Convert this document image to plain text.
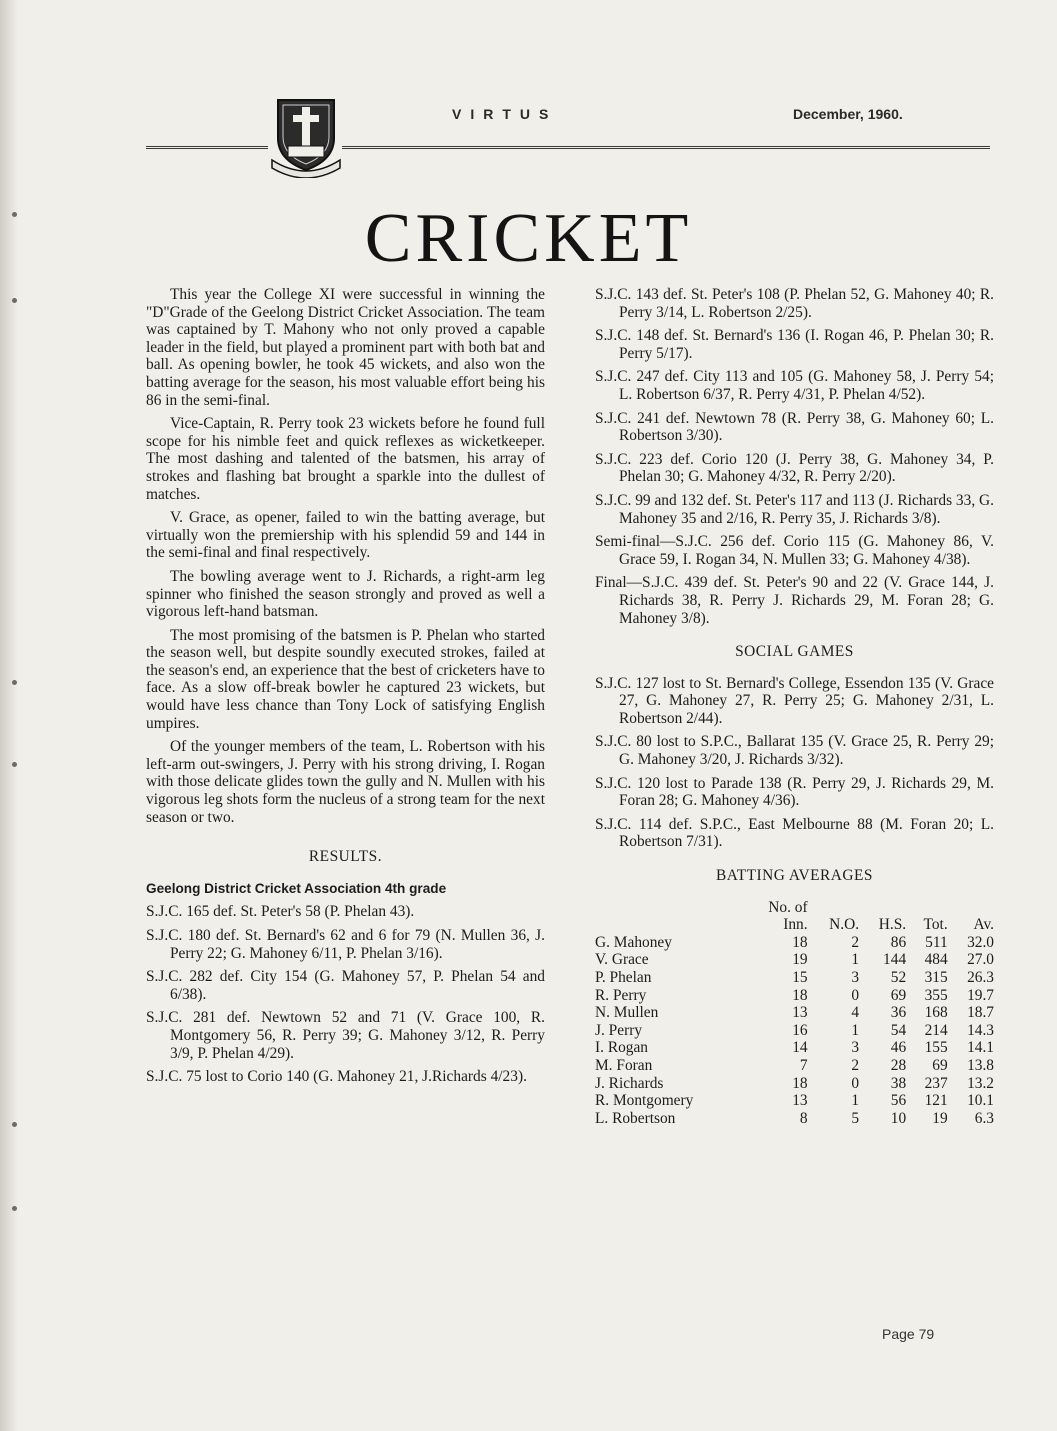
VIRTUS	December, 1960.
CRICKET

This year the College XI were successful in winning the "D"Grade of the Geelong District Cricket Association. The team was captained by T. Mahony who not only proved a capable leader in the field, but played a prominent part with both bat and ball. As opening bowler, he took 45 wickets, and also won the batting average for the season, his most valuable effort being his 86 in the semi-final.

Vice-Captain, R. Perry took 23 wickets before he found full scope for his nimble feet and quick reflexes as wicketkeeper. The most dashing and talented of the batsmen, his array of strokes and flashing bat brought a sparkle into the dullest of matches.

V. Grace, as opener, failed to win the batting average, but virtually won the premiership with his splendid 59 and 144 in the semi-final and final respectively.

The bowling average went to J. Richards, a right-arm leg spinner who finished the season strongly and proved as well a vigorous left-hand batsman.

The most promising of the batsmen is P. Phelan who started the season well, but despite soundly executed strokes, failed at the season's end, an experience that the best of cricketers have to face. As a slow off-break bowler he captured 23 wickets, but would have less chance than Tony Lock of satisfying English umpires.

Of the younger members of the team, L. Robertson with his left-arm out-swingers, J. Perry with his strong driving, I. Rogan with those delicate glides town the gully and N. Mullen with his vigorous leg shots form the nucleus of a strong team for the next season or two.

RESULTS.
Geelong District Cricket Association 4th grade
S.J.C. 165 def. St. Peter's 58 (P. Phelan 43).
S.J.C. 180 def. St. Bernard's 62 and 6 for 79 (N. Mullen 36, J. Perry 22; G. Mahoney 6/11, P. Phelan 3/16).
S.J.C. 282 def. City 154 (G. Mahoney 57, P. Phelan 54 and 6/38).
S.J.C. 281 def. Newtown 52 and 71 (V. Grace 100, R. Montgomery 56, R. Perry 39; G. Mahoney 3/12, R. Perry 3/9, P. Phelan 4/29).
S.J.C. 75 lost to Corio 140 (G. Mahoney 21, J.Richards 4/23).
S.J.C. 143 def. St. Peter's 108 (P. Phelan 52, G. Mahoney 40; R. Perry 3/14, L. Robertson 2/25).
S.J.C. 148 def. St. Bernard's 136 (I. Rogan 46, P. Phelan 30; R. Perry 5/17).
S.J.C. 247 def. City 113 and 105 (G. Mahoney 58, J. Perry 54; L. Robertson 6/37, R. Perry 4/31, P. Phelan 4/52).
S.J.C. 241 def. Newtown 78 (R. Perry 38, G. Mahoney 60; L. Robertson 3/30).
S.J.C. 223 def. Corio 120 (J. Perry 38, G. Mahoney 34, P. Phelan 30; G. Mahoney 4/32, R. Perry 2/20).
S.J.C. 99 and 132 def. St. Peter's 117 and 113 (J. Richards 33, G. Mahoney 35 and 2/16, R. Perry 35, J. Richards 3/8).
Semi-final—S.J.C. 256 def. Corio 115 (G. Mahoney 86, V. Grace 59, I. Rogan 34, N. Mullen 33; G. Mahoney 4/38).
Final—S.J.C. 439 def. St. Peter's 90 and 22 (V. Grace 144, J. Richards 38, R. Perry J. Richards 29, M. Foran 28; G. Mahoney 3/8).
SOCIAL GAMES
S.J.C. 127 lost to St. Bernard's College, Essendon 135 (V. Grace 27, G. Mahoney 27, R. Perry 25; G. Mahoney 2/31, L. Robertson 2/44).
S.J.C. 80 lost to S.P.C., Ballarat 135 (V. Grace 25, R. Perry 29; G. Mahoney 3/20, J. Richards 3/32).
S.J.C. 120 lost to Parade 138 (R. Perry 29, J. Richards 29, M. Foran 28; G. Mahoney 4/36).
S.J.C. 114 def. S.P.C., East Melbourne 88 (M. Foran 20; L. Robertson 7/31).
BATTING AVERAGES
	No. of				
	Inn.	N.O.	H.S.	Tot.	Av.
G. Mahoney	18	2	86	511	32.0
V. Grace	19	1	144	484	27.0
P. Phelan	15	3	52	315	26.3
R. Perry	18	0	69	355	19.7
N. Mullen	13	4	36	168	18.7
J. Perry	16	1	54	214	14.3
I. Rogan	14	3	46	155	14.1
M. Foran	7	2	28	69	13.8
J. Richards	18	0	38	237	13.2
R. Montgomery	13	1	56	121	10.1
L. Robertson	8	5	10	19	6.3
Page 79
